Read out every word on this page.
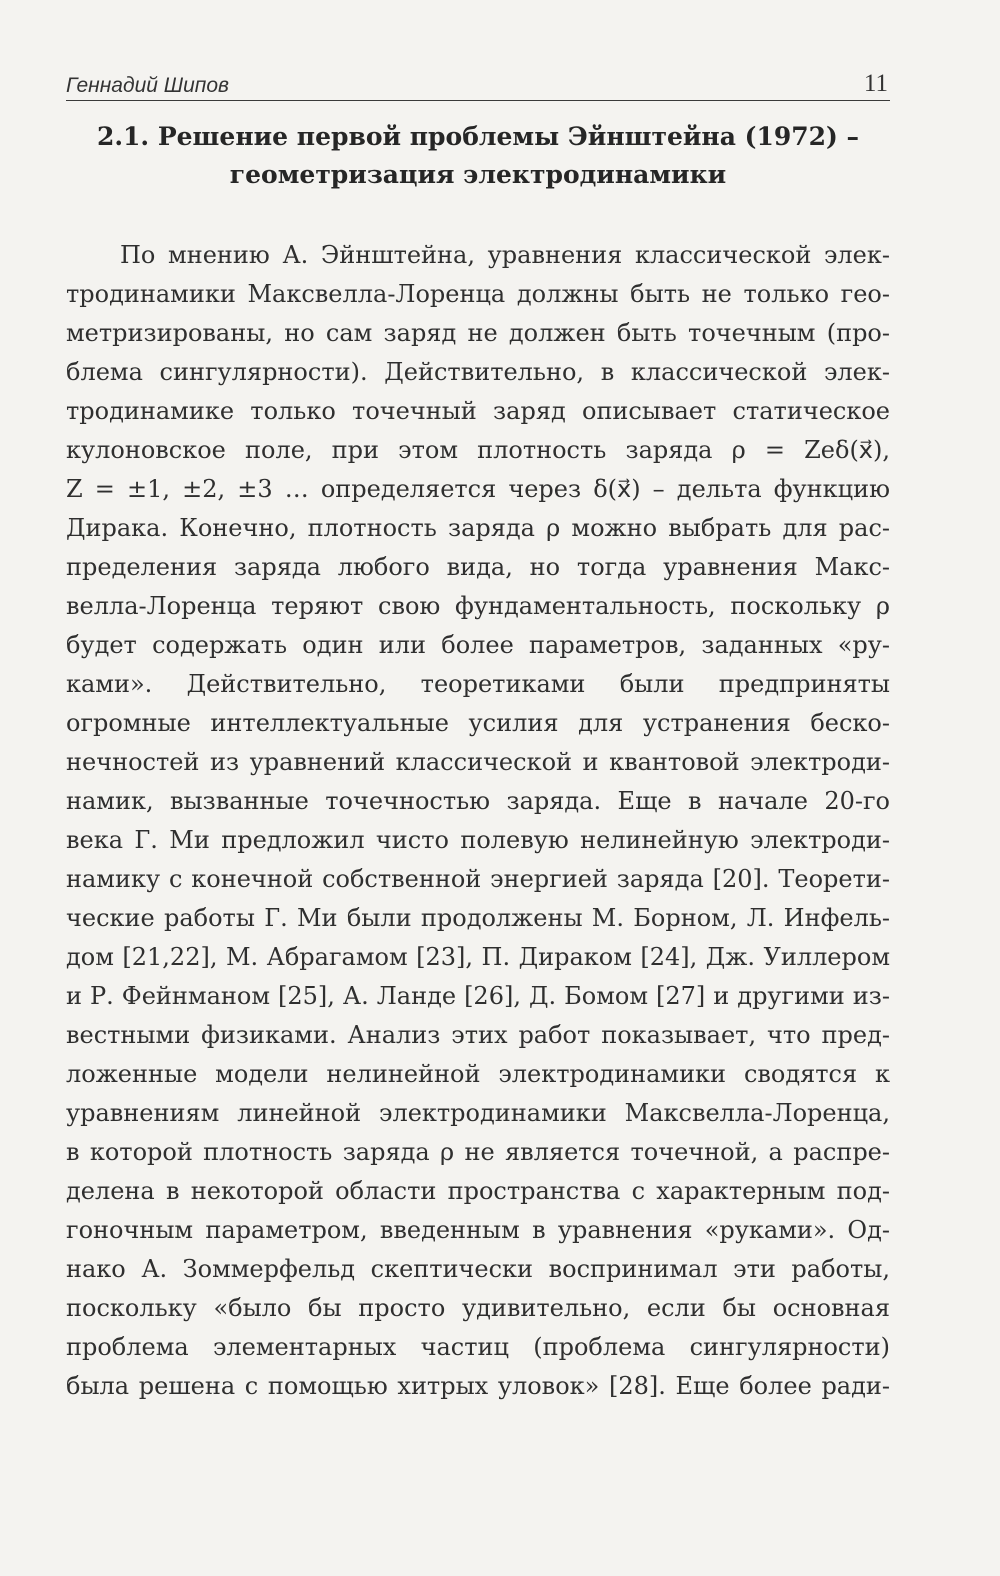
Геннадий Шипов	11
2.1. Решение первой проблемы Эйнштейна (1972) –
геометризация электродинамики
По мнению А. Эйнштейна, уравнения классической элек-
тродинамики Максвелла-Лоренца должны быть не только гео-
метризированы, но сам заряд не должен быть точечным (про-
блема сингулярности). Действительно, в классической элек-
тродинамике только точечный заряд описывает статическое
кулоновское поле, при этом плотность заряда ρ = Zeδ(x⃗),
Z = ±1, ±2, ±3 … определяется через δ(x⃗) – дельта функцию
Дирака. Конечно, плотность заряда ρ можно выбрать для рас-
пределения заряда любого вида, но тогда уравнения Макс-
велла-Лоренца теряют свою фундаментальность, поскольку ρ
будет содержать один или более параметров, заданных «ру-
ками». Действительно, теоретиками были предприняты
огромные интеллектуальные усилия для устранения беско-
нечностей из уравнений классической и квантовой электроди-
намик, вызванные точечностью заряда. Еще в начале 20-го
века Г. Ми предложил чисто полевую нелинейную электроди-
намику с конечной собственной энергией заряда [20]. Теорети-
ческие работы Г. Ми были продолжены М. Борном, Л. Инфель-
дом [21,22], М. Абрагамом [23], П. Дираком [24], Дж. Уиллером
и Р. Фейнманом [25], А. Ланде [26], Д. Бомом [27] и другими из-
вестными физиками. Анализ этих работ показывает, что пред-
ложенные модели нелинейной электродинамики сводятся к
уравнениям линейной электродинамики Максвелла-Лоренца,
в которой плотность заряда ρ не является точечной, а распре-
делена в некоторой области пространства с характерным под-
гоночным параметром, введенным в уравнения «руками». Од-
нако А. Зоммерфельд скептически воспринимал эти работы,
поскольку «было бы просто удивительно, если бы основная
проблема элементарных частиц (проблема сингулярности)
была решена с помощью хитрых уловок» [28]. Еще более ради-
